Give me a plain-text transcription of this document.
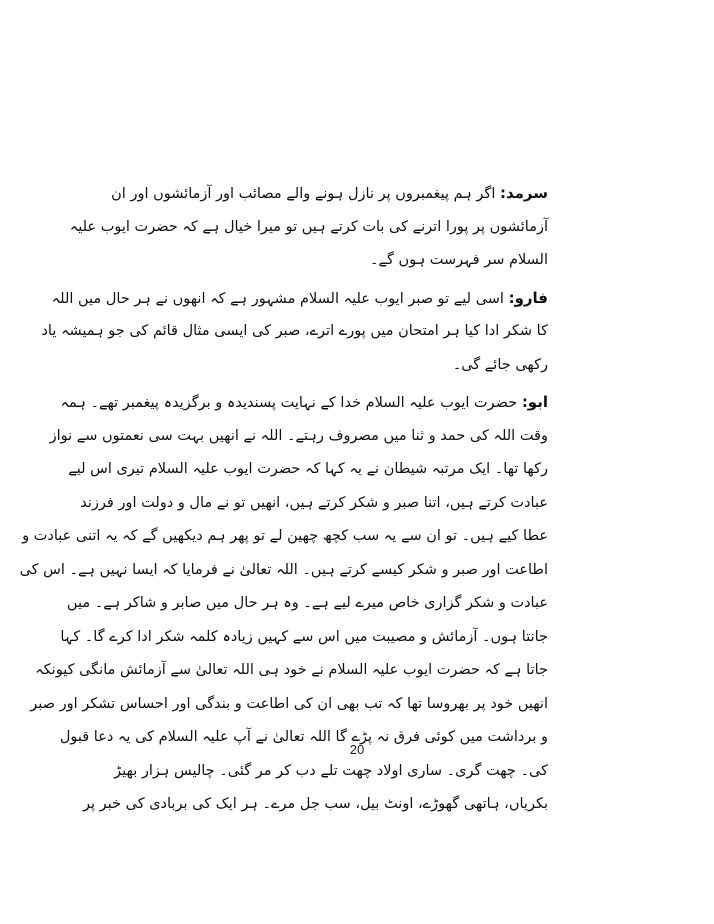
سرمد: اگر ہم پیغمبروں پر نازل ہونے والے مصائب اور آزمائشوں اور ان
آزمائشوں پر پورا اترنے کی بات کرتے ہیں تو میرا خیال ہے کہ حضرت ایوب علیہ
السلام سر فہرست ہوں گے۔
فارو: اسی لیے تو صبر ایوب علیہ السلام مشہور ہے کہ انھوں نے ہر حال میں اللہ
کا شکر ادا کیا ہر امتحان میں پورے اترے، صبر کی ایسی مثال قائم کی جو ہمیشہ یاد
رکھی جائے گی۔
ابو: حضرت ایوب علیہ السلام خدا کے نہایت پسندیدہ و برگزیدہ پیغمبر تھے۔ ہمہ
وقت اللہ کی حمد و ثنا میں مصروف رہتے۔ اللہ نے انھیں بہت سی نعمتوں سے نواز
رکھا تھا۔ ایک مرتبہ شیطان نے یہ کہا کہ حضرت ایوب علیہ السلام تیری اس لیے
عبادت کرتے ہیں، اتنا صبر و شکر کرتے ہیں، انھیں تو نے مال و دولت اور فرزند
عطا کیے ہیں۔ تو ان سے یہ سب کچھ چھین لے تو پھر ہم دیکھیں گے کہ یہ اتنی عبادت و
اطاعت اور صبر و شکر کیسے کرتے ہیں۔ اللہ تعالیٰ نے فرمایا کہ ایسا نہیں ہے۔ اس کی
عبادت و شکر گزاری خاص میرے لیے ہے۔ وہ ہر حال میں صابر و شاکر ہے۔ میں
جانتا ہوں۔ آزمائش و مصیبت میں اس سے کہیں زیادہ کلمہ شکر ادا کرے گا۔ کہا
جاتا ہے کہ حضرت ایوب علیہ السلام نے خود ہی اللہ تعالیٰ سے آزمائش مانگی کیونکہ
انھیں خود پر بھروسا تھا کہ تب بھی ان کی اطاعت و بندگی اور احساس تشکر اور صبر
و برداشت میں کوئی فرق نہ پڑے گا اللہ تعالیٰ نے آپ علیہ السلام کی یہ دعا قبول
کی۔ چھت گری۔ ساری اولاد چھت تلے دب کر مر گئی۔ چالیس ہزار بھیڑ
بکریاں، ہاتھی گھوڑے، اونٹ بیل، سب جل مرے۔ ہر ایک کی بربادی کی خبر پر
20
